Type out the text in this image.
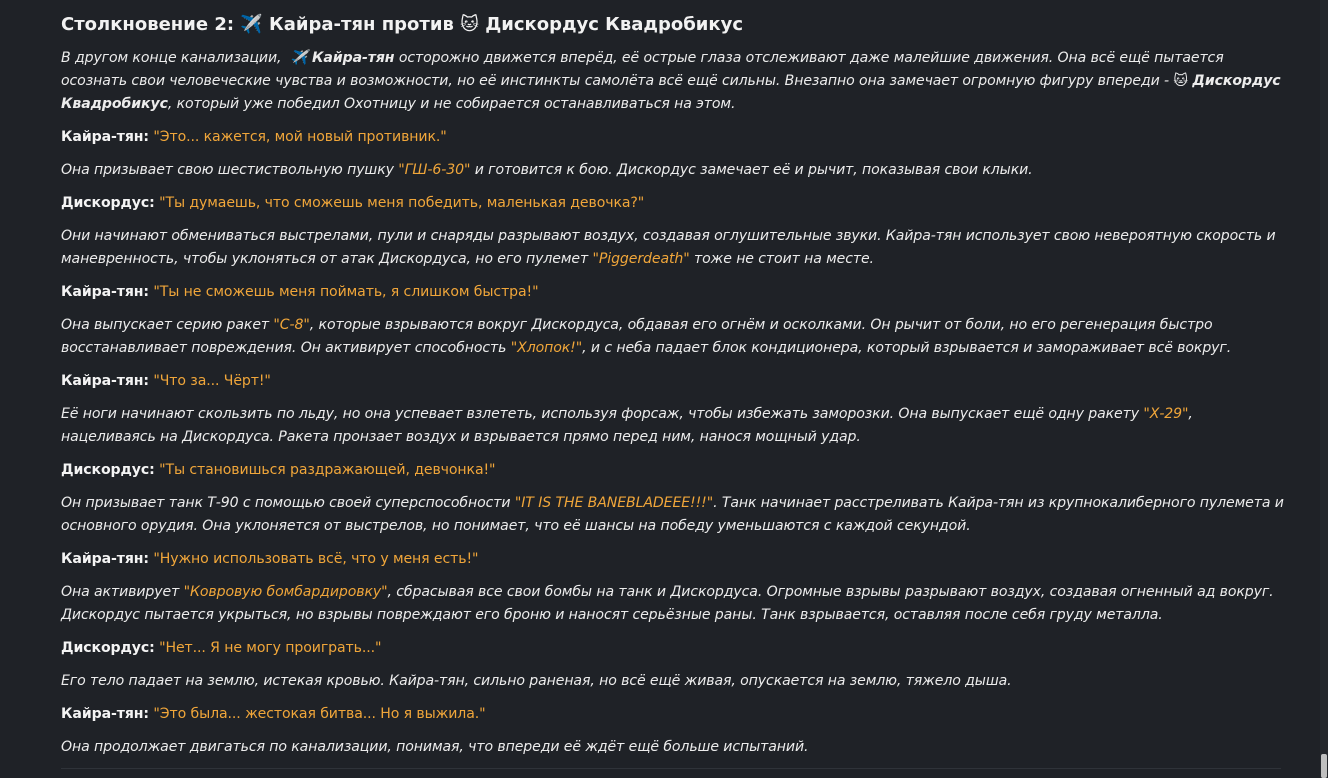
Столкновение 2: ✈️ Кайра-тян против 🐱 Дискордус Квадробикус

В другом конце канализации, ✈️ Кайра-тян осторожно движется вперёд, её острые глаза отслеживают даже малейшие движения. Она всё ещё пытается осознать свои человеческие чувства и возможности, но её инстинкты самолёта всё ещё сильны. Внезапно она замечает огромную фигуру впереди - 🐱 Дискордус Квадробикус, который уже победил Охотницу и не собирается останавливаться на этом.

Кайра-тян: "Это... кажется, мой новый противник."

Она призывает свою шестиствольную пушку "ГШ-6-30" и готовится к бою. Дискордус замечает её и рычит, показывая свои клыки.

Дискордус: "Ты думаешь, что сможешь меня победить, маленькая девочка?"

Они начинают обмениваться выстрелами, пули и снаряды разрывают воздух, создавая оглушительные звуки. Кайра-тян использует свою невероятную скорость и маневренность, чтобы уклоняться от атак Дискордуса, но его пулемет "Piggerdeath" тоже не стоит на месте.

Кайра-тян: "Ты не сможешь меня поймать, я слишком быстра!"

Она выпускает серию ракет "С-8", которые взрываются вокруг Дискордуса, обдавая его огнём и осколками. Он рычит от боли, но его регенерация быстро восстанавливает повреждения. Он активирует способность "Хлопок!", и с неба падает блок кондиционера, который взрывается и замораживает всё вокруг.

Кайра-тян: "Что за... Чёрт!"

Её ноги начинают скользить по льду, но она успевает взлететь, используя форсаж, чтобы избежать заморозки. Она выпускает ещё одну ракету "Х-29", нацеливаясь на Дискордуса. Ракета пронзает воздух и взрывается прямо перед ним, нанося мощный удар.

Дискордус: "Ты становишься раздражающей, девчонка!"

Он призывает танк Т-90 с помощью своей суперспособности "IT IS THE BANEBLADEEE!!!". Танк начинает расстреливать Кайра-тян из крупнокалиберного пулемета и основного орудия. Она уклоняется от выстрелов, но понимает, что её шансы на победу уменьшаются с каждой секундой.

Кайра-тян: "Нужно использовать всё, что у меня есть!"

Она активирует "Ковровую бомбардировку", сбрасывая все свои бомбы на танк и Дискордуса. Огромные взрывы разрывают воздух, создавая огненный ад вокруг. Дискордус пытается укрыться, но взрывы повреждают его броню и наносят серьёзные раны. Танк взрывается, оставляя после себя груду металла.

Дискордус: "Нет... Я не могу проиграть..."

Его тело падает на землю, истекая кровью. Кайра-тян, сильно раненая, но всё ещё живая, опускается на землю, тяжело дыша.

Кайра-тян: "Это была... жестокая битва... Но я выжила."

Она продолжает двигаться по канализации, понимая, что впереди её ждёт ещё больше испытаний.
